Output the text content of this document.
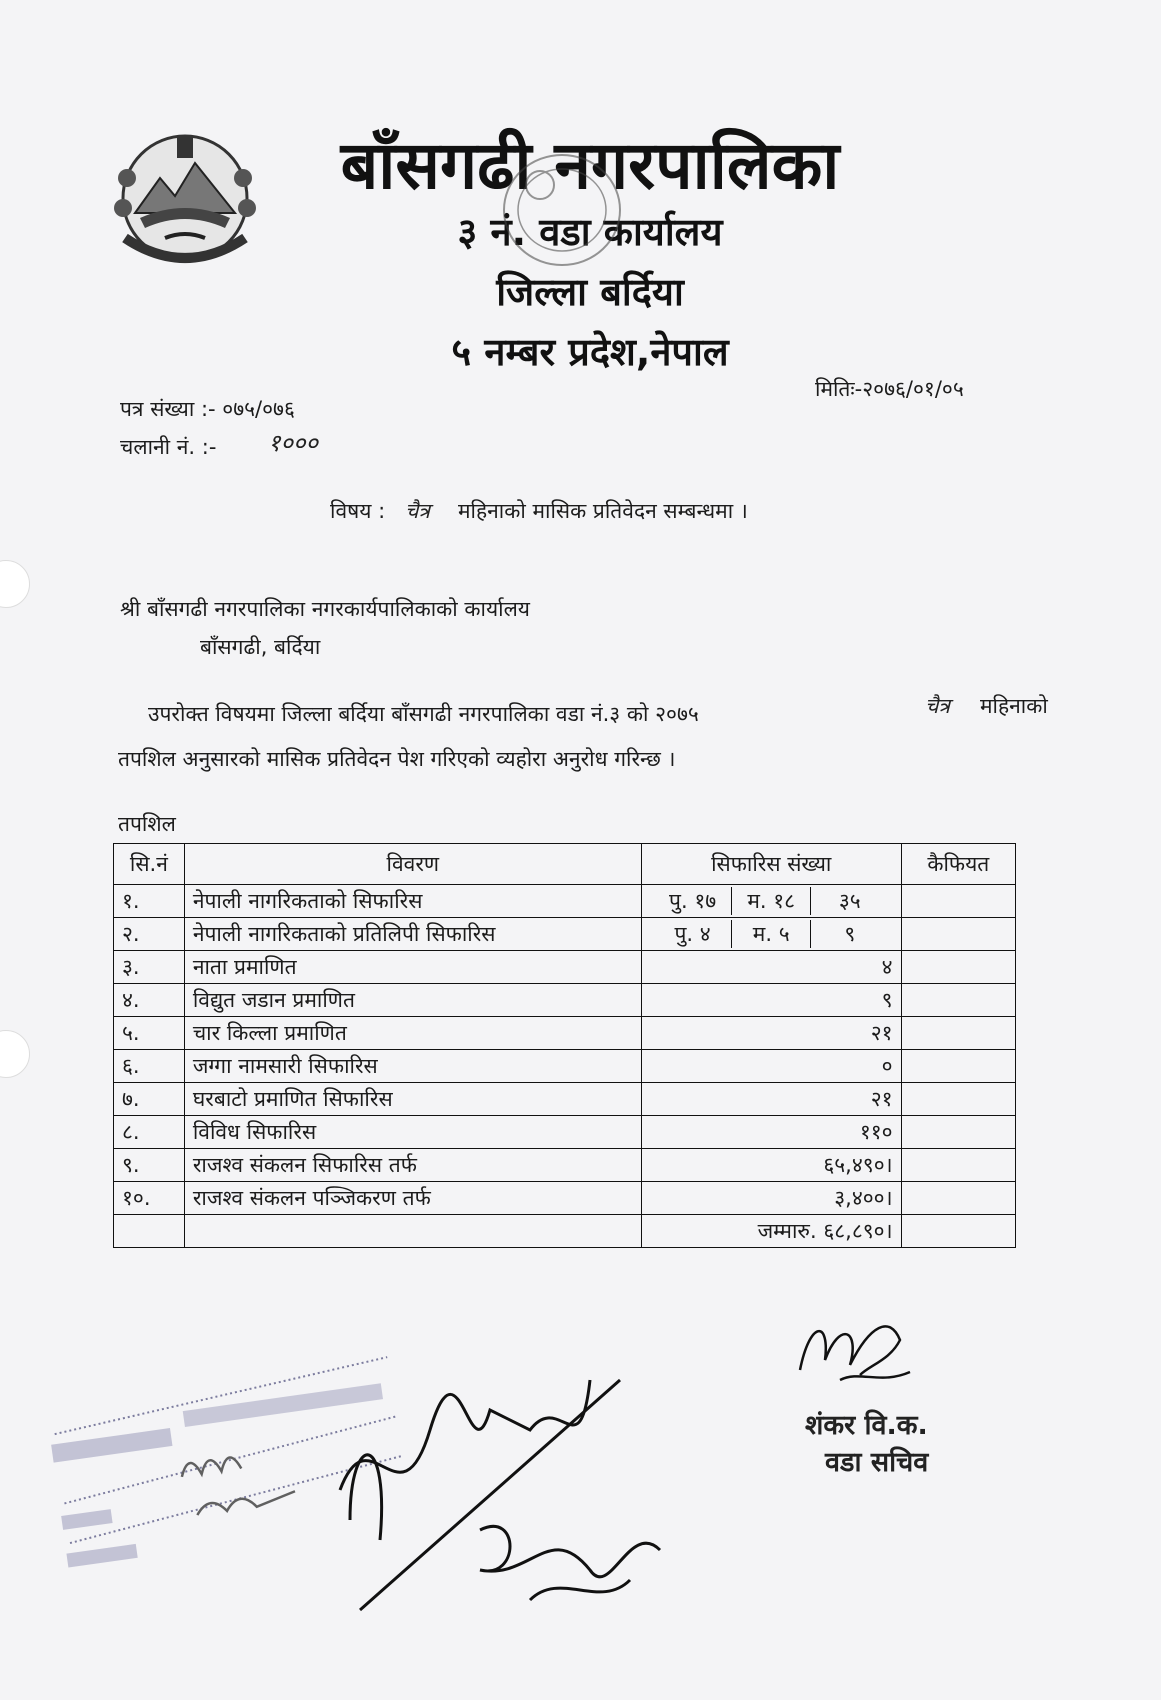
बाँसगढी नगरपालिका
३ नं. वडा कार्यालय
जिल्ला बर्दिया
५ नम्बर प्रदेश,नेपाल
पत्र संख्या :- ०७५/०७६
चलानी नं. :- १०००
मितिः-२०७६/०१/०५
विषय : चैत्र महिनाको मासिक प्रतिवेदन सम्बन्धमा ।
श्री बाँसगढी नगरपालिका नगरकार्यपालिकाको कार्यालय
बाँसगढी, बर्दिया
उपरोक्त विषयमा जिल्ला बर्दिया बाँसगढी नगरपालिका वडा नं.३ को २०७५	चैत्र महिनाको
तपशिल अनुसारको मासिक प्रतिवेदन पेश गरिएको व्यहोरा अनुरोध गरिन्छ ।
तपशिल
सि.नं	विवरण	सिफारिस संख्या	कैफियत
१.	नेपाली नागरिकताको सिफारिस	पु. १७ म. १८ ३५	

२.	नेपाली नागरिकताको प्रतिलिपी सिफारिस	पु. ४ म. ५ ९	

३.	नाता प्रमाणित	४	
४.	विद्युत जडान प्रमाणित	९	
५.	चार किल्ला प्रमाणित	२१	
६.	जग्गा नामसारी सिफारिस	०	
७.	घरबाटो प्रमाणित सिफारिस	२१	
८.	विविध सिफारिस	११०	
९.	राजश्व संकलन सिफारिस तर्फ	६५,४९०।	
१०.	राजश्व संकलन पञ्जिकरण तर्फ	३,४००।	
		जम्मारु. ६८,८९०।	
शंकर वि.क.
वडा सचिव
